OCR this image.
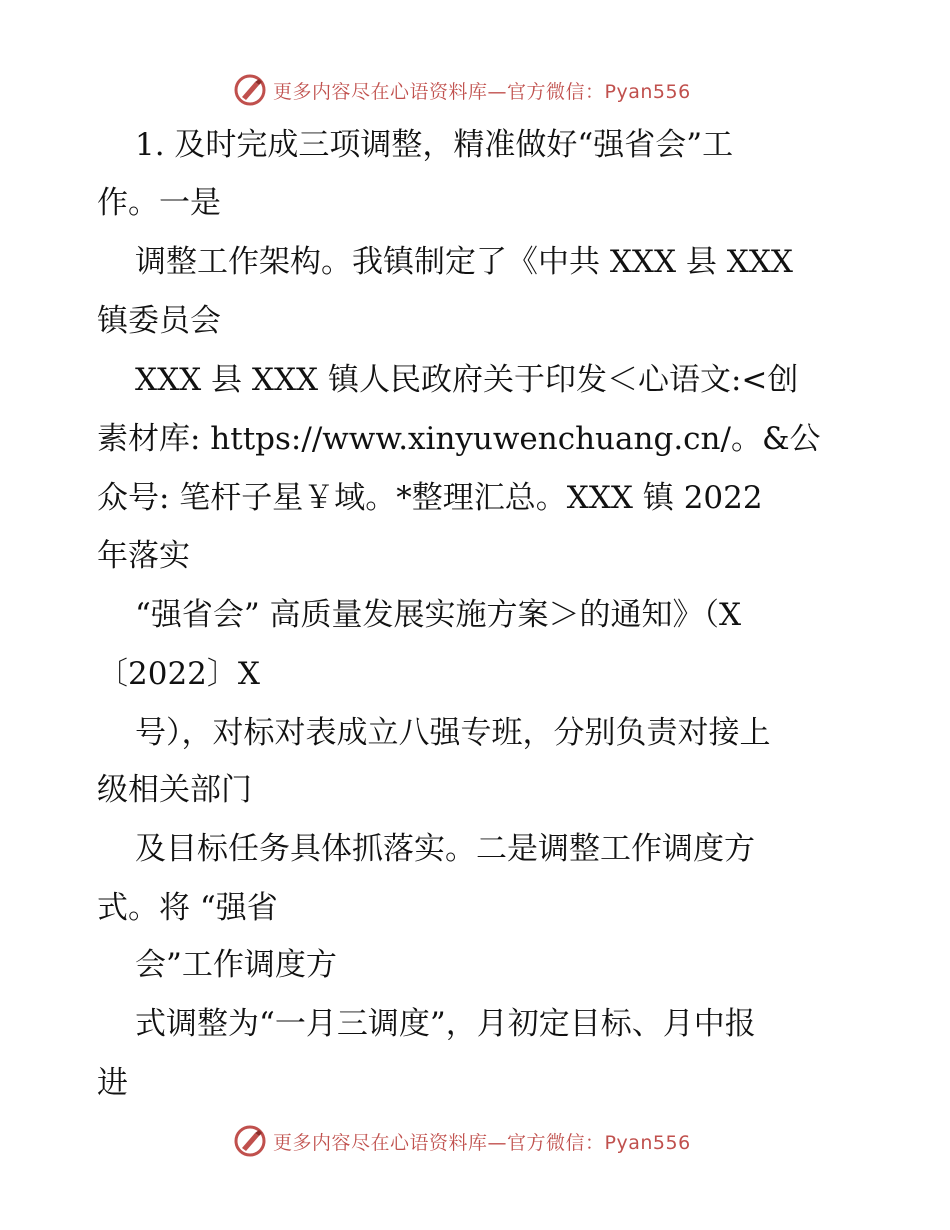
更多内容尽在心语资料库—官方微信：Pyan556
1. 及时完成三项调整，精准做好“强省会”工
作。一是
调整工作架构。我镇制定了《中共 XXX 县 XXX
镇委员会
XXX 县 XXX 镇人民政府关于印发＜心语文:<创
素材库: https://www.xinyuwenchuang.cn/。&公
众号: 笔杆子星￥域。*整理汇总。XXX 镇 2022
年落实
“强省会” 高质量发展实施方案＞的通知》（X
〔2022〕X
号），对标对表成立八强专班，分别负责对接上
级相关部门
及目标任务具体抓落实。二是调整工作调度方
式。将 “强省
会”工作调度方
式调整为“一月三调度”，月初定目标、月中报
进
更多内容尽在心语资料库—官方微信：Pyan556
